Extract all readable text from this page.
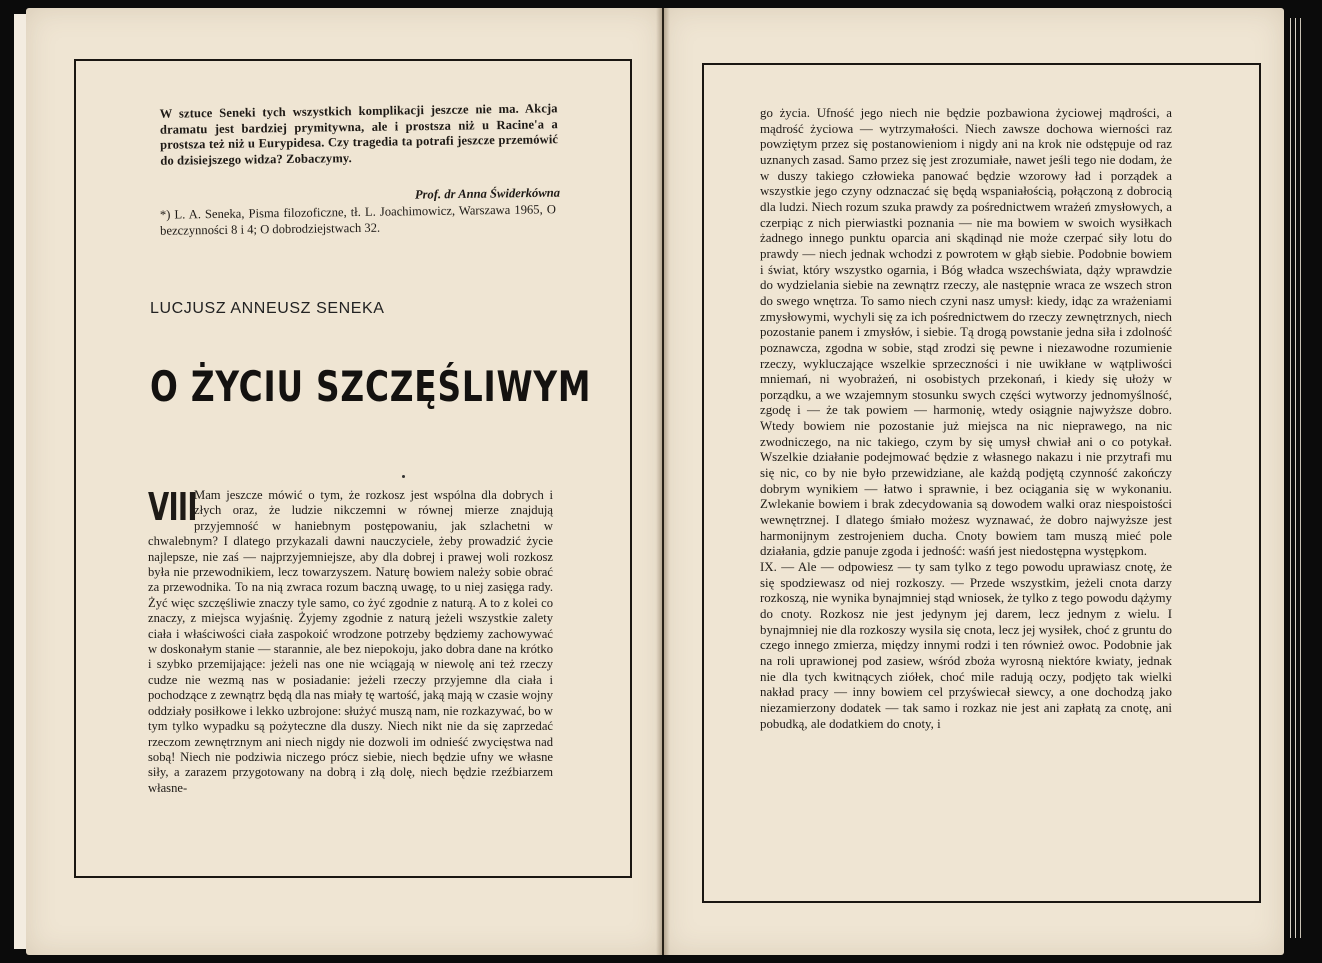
W sztuce Seneki tych wszystkich komplikacji jeszcze nie ma. Akcja dramatu jest bardziej prymitywna, ale i prostsza niż u Racine'a a prostsza też niż u Eurypidesa. Czy tragedia ta potrafi jeszcze przemówić do dzisiejszego widza? Zobaczymy.
Prof. dr Anna Świderkówna
*) L. A. Seneka, Pisma filozoficzne, tł. L. Joachimowicz, Warszawa 1965, O bezczynności 8 i 4; O dobrodziejstwach 32.
LUCJUSZ ANNEUSZ SENEKA
O ŻYCIU SZCZĘŚLIWYM
VIII

Mam jeszcze mówić o tym, że rozkosz jest wspólna dla dobrych i złych oraz, że ludzie nikczemni w równej mierze znajdują przyjemność w haniebnym postępowaniu, jak szlachetni w chwalebnym? I dlatego przykazali dawni nauczyciele, żeby prowadzić życie najlepsze, nie zaś — najprzyjemniejsze, aby dla dobrej i prawej woli rozkosz była nie przewodnikiem, lecz towarzyszem. Naturę bowiem należy sobie obrać za przewodnika. To na nią zwraca rozum baczną uwagę, to u niej zasięga rady. Żyć więc szczęśliwie znaczy tyle samo, co żyć zgodnie z naturą. A to z kolei co znaczy, z miejsca wyjaśnię. Żyjemy zgodnie z naturą jeżeli wszystkie zalety ciała i właściwości ciała zaspokoić wrodzone potrzeby będziemy zachowywać w doskonałym stanie — starannie, ale bez niepokoju, jako dobra dane na krótko i szybko przemijające: jeżeli nas one nie wciągają w niewolę ani też rzeczy cudze nie wezmą nas w posiadanie: jeżeli rzeczy przyjemne dla ciała i pochodzące z zewnątrz będą dla nas miały tę wartość, jaką mają w czasie wojny oddziały posiłkowe i lekko uzbrojone: służyć muszą nam, nie rozkazywać, bo w tym tylko wypadku są pożyteczne dla duszy. Niech nikt nie da się zaprzedać rzeczom zewnętrznym ani niech nigdy nie dozwoli im odnieść zwycięstwa nad sobą! Niech nie podziwia niczego prócz siebie, niech będzie ufny we własne siły, a zarazem przygotowany na dobrą i złą dolę, niech będzie rzeźbiarzem własne-

go życia. Ufność jego niech nie będzie pozbawiona życiowej mądrości, a mądrość życiowa — wytrzymałości. Niech zawsze dochowa wierności raz powziętym przez się postanowieniom i nigdy ani na krok nie odstępuje od raz uznanych zasad. Samo przez się jest zrozumiałe, nawet jeśli tego nie dodam, że w duszy takiego człowieka panować będzie wzorowy ład i porządek a wszystkie jego czyny odznaczać się będą wspaniałością, połączoną z dobrocią dla ludzi. Niech rozum szuka prawdy za pośrednictwem wrażeń zmysłowych, a czerpiąc z nich pierwiastki poznania — nie ma bowiem w swoich wysiłkach żadnego innego punktu oparcia ani skądinąd nie może czerpać siły lotu do prawdy — niech jednak wchodzi z powrotem w głąb siebie. Podobnie bowiem i świat, który wszystko ogarnia, i Bóg władca wszechświata, dąży wprawdzie do wydzielania siebie na zewnątrz rzeczy, ale następnie wraca ze wszech stron do swego wnętrza. To samo niech czyni nasz umysł: kiedy, idąc za wrażeniami zmysłowymi, wychyli się za ich pośrednictwem do rzeczy zewnętrznych, niech pozostanie panem i zmysłów, i siebie. Tą drogą powstanie jedna siła i zdolność poznawcza, zgodna w sobie, stąd zrodzi się pewne i niezawodne rozumienie rzeczy, wykluczające wszelkie sprzeczności i nie uwikłane w wątpliwości mniemań, ni wyobrażeń, ni osobistych przekonań, i kiedy się ułoży w porządku, a we wzajemnym stosunku swych części wytworzy jednomyślność, zgodę i — że tak powiem — harmonię, wtedy osiągnie najwyższe dobro. Wtedy bowiem nie pozostanie już miejsca na nic nieprawego, na nic zwodniczego, na nic takiego, czym by się umysł chwiał ani o co potykał. Wszelkie działanie podejmować będzie z własnego nakazu i nie przytrafi mu się nic, co by nie było przewidziane, ale każdą podjętą czynność zakończy dobrym wynikiem — łatwo i sprawnie, i bez ociągania się w wykonaniu. Zwlekanie bowiem i brak zdecydowania są dowodem walki oraz niespoistości wewnętrznej. I dlatego śmiało możesz wyznawać, że dobro najwyższe jest harmonijnym zestrojeniem ducha. Cnoty bowiem tam muszą mieć pole działania, gdzie panuje zgoda i jedność: waśń jest niedostępna występkom.

IX. — Ale — odpowiesz — ty sam tylko z tego powodu uprawiasz cnotę, że się spodziewasz od niej rozkoszy. — Przede wszystkim, jeżeli cnota darzy rozkoszą, nie wynika bynajmniej stąd wniosek, że tylko z tego powodu dążymy do cnoty. Rozkosz nie jest jedynym jej darem, lecz jednym z wielu. I bynajmniej nie dla rozkoszy wysila się cnota, lecz jej wysiłek, choć z gruntu do czego innego zmierza, między innymi rodzi i ten również owoc. Podobnie jak na roli uprawionej pod zasiew, wśród zboża wyrosną niektóre kwiaty, jednak nie dla tych kwitnących ziółek, choć mile radują oczy, podjęto tak wielki nakład pracy — inny bowiem cel przyświecał siewcy, a one dochodzą jako niezamierzony dodatek — tak samo i rozkaz nie jest ani zapłatą za cnotę, ani pobudką, ale dodatkiem do cnoty, i
